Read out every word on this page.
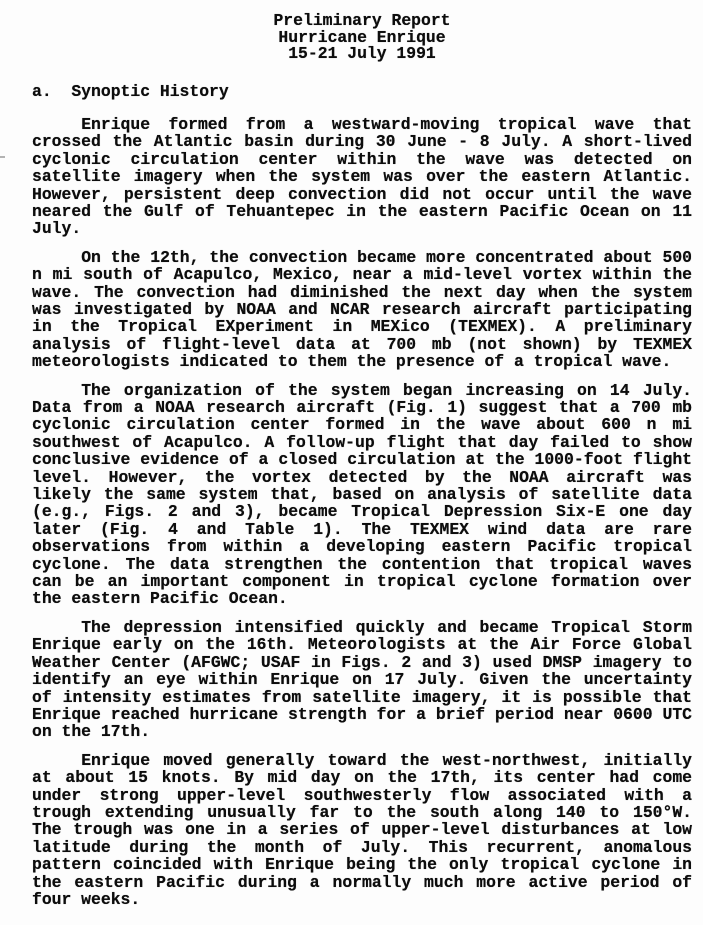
Preliminary Report
Hurricane Enrique
15-21 July 1991
a.  Synoptic History
Enrique formed from a westward-moving tropical wave that
crossed the Atlantic basin during 30 June - 8 July. A short-lived
cyclonic circulation center within the wave was detected on
satellite imagery when the system was over the eastern Atlantic.
However, persistent deep convection did not occur until the wave
neared the Gulf of Tehuantepec in the eastern Pacific Ocean on 11
July.
On the 12th, the convection became more concentrated about 500
n mi south of Acapulco, Mexico, near a mid-level vortex within the
wave. The convection had diminished the next day when the system
was investigated by NOAA and NCAR research aircraft participating
in the Tropical EXperiment in MEXico (TEXMEX). A preliminary
analysis of flight-level data at 700 mb (not shown) by TEXMEX
meteorologists indicated to them the presence of a tropical wave.
The organization of the system began increasing on 14 July.
Data from a NOAA research aircraft (Fig. 1) suggest that a 700 mb
cyclonic circulation center formed in the wave about 600 n mi
southwest of Acapulco. A follow-up flight that day failed to show
conclusive evidence of a closed circulation at the 1000-foot flight
level. However, the vortex detected by the NOAA aircraft was
likely the same system that, based on analysis of satellite data
(e.g., Figs. 2 and 3), became Tropical Depression Six-E one day
later (Fig. 4 and Table 1). The TEXMEX wind data are rare
observations from within a developing eastern Pacific tropical
cyclone. The data strengthen the contention that tropical waves
can be an important component in tropical cyclone formation over
the eastern Pacific Ocean.
The depression intensified quickly and became Tropical Storm
Enrique early on the 16th. Meteorologists at the Air Force Global
Weather Center (AFGWC; USAF in Figs. 2 and 3) used DMSP imagery to
identify an eye within Enrique on 17 July. Given the uncertainty
of intensity estimates from satellite imagery, it is possible that
Enrique reached hurricane strength for a brief period near 0600 UTC
on the 17th.
Enrique moved generally toward the west-northwest, initially
at about 15 knots. By mid day on the 17th, its center had come
under strong upper-level southwesterly flow associated with a
trough extending unusually far to the south along 140 to 150°W.
The trough was one in a series of upper-level disturbances at low
latitude during the month of July. This recurrent, anomalous
pattern coincided with Enrique being the only tropical cyclone in
the eastern Pacific during a normally much more active period of
four weeks.
